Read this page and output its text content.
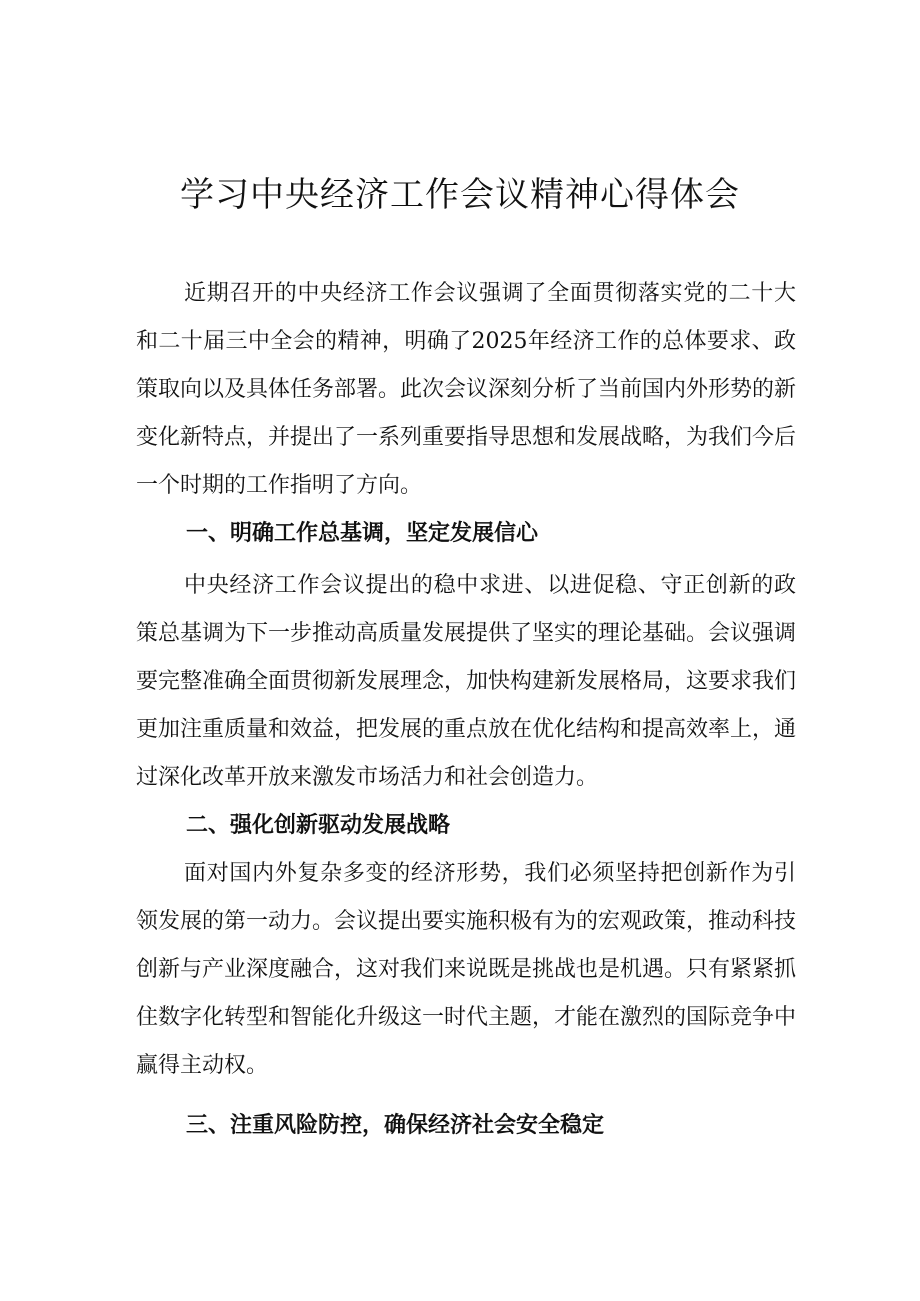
学习中央经济工作会议精神心得体会

近期召开的中央经济工作会议强调了全面贯彻落实党的二十大和二十届三中全会的精神，明确了2025年经济工作的总体要求、政策取向以及具体任务部署。此次会议深刻分析了当前国内外形势的新变化新特点，并提出了一系列重要指导思想和发展战略，为我们今后一个时期的工作指明了方向。

一、明确工作总基调，坚定发展信心

中央经济工作会议提出的稳中求进、以进促稳、守正创新的政策总基调为下一步推动高质量发展提供了坚实的理论基础。会议强调要完整准确全面贯彻新发展理念，加快构建新发展格局，这要求我们更加注重质量和效益，把发展的重点放在优化结构和提高效率上，通过深化改革开放来激发市场活力和社会创造力。

二、强化创新驱动发展战略

面对国内外复杂多变的经济形势，我们必须坚持把创新作为引领发展的第一动力。会议提出要实施积极有为的宏观政策，推动科技创新与产业深度融合，这对我们来说既是挑战也是机遇。只有紧紧抓住数字化转型和智能化升级这一时代主题，才能在激烈的国际竞争中赢得主动权。

三、注重风险防控，确保经济社会安全稳定
